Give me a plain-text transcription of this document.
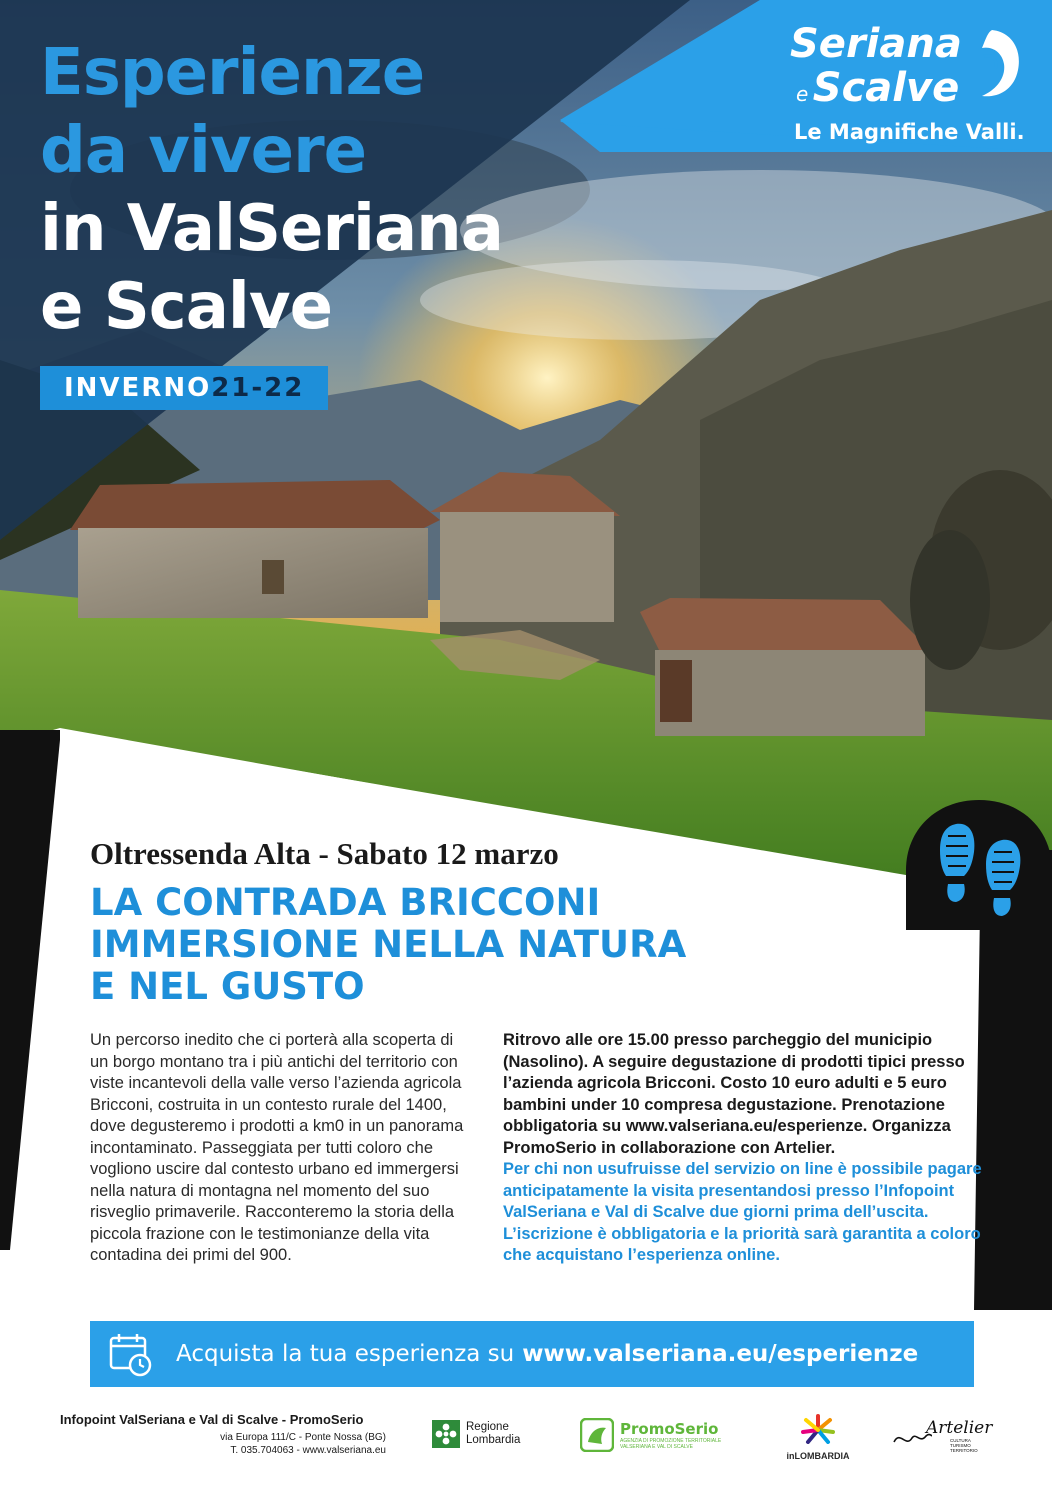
Esperienze
da vivere
in ValSeriana
e Scalve
INVERNO21-22
Seriana
e Scalve
Le Magnifiche Valli.
Oltressenda Alta - Sabato 12 marzo
LA CONTRADA BRICCONI
IMMERSIONE NELLA NATURA
E NEL GUSTO

Un percorso inedito che ci porterà alla scoperta di un borgo montano tra i più antichi del territorio con viste incantevoli della valle verso l’azienda agricola Bricconi, costruita in un contesto rurale del 1400, dove degusteremo i prodotti a km0 in un panorama incontaminato. Passeggiata per tutti coloro che vogliono uscire dal contesto urbano ed immergersi nella natura di montagna nel momento del suo risveglio primaverile. Racconteremo la storia della piccola frazione con le testimonianze della vita contadina dei primi del 900.

Ritrovo alle ore 15.00 presso parcheggio del municipio (Nasolino). A seguire degustazione di prodotti tipici presso l’azienda agricola Bricconi. Costo 10 euro adulti e 5 euro bambini under 10 compresa degustazione. Prenotazione obbligatoria su www.valseriana.eu/esperienze. Organizza PromoSerio in collaborazione con Artelier.

Per chi non usufruisse del servizio on line è possibile pagare anticipatamente la visita presentandosi presso l’Infopoint ValSeriana e Val di Scalve due giorni prima dell’uscita. L’iscrizione è obbligatoria e la priorità sarà garantita a coloro che acquistano l’esperienza online.
Acquista la tua esperienza su www.valseriana.eu/esperienze
Infopoint ValSeriana e Val di Scalve - PromoSerio
via Europa 111/C - Ponte Nossa (BG)
T. 035.704063 - www.valseriana.eu
Regione
Lombardia
PromoSerio
AGENZIA DI PROMOZIONE TERRITORIALE VALSERIANA E VAL DI SCALVE
inLOMBARDIA
Artelier
CULTURA TURISMO TERRITORIO
